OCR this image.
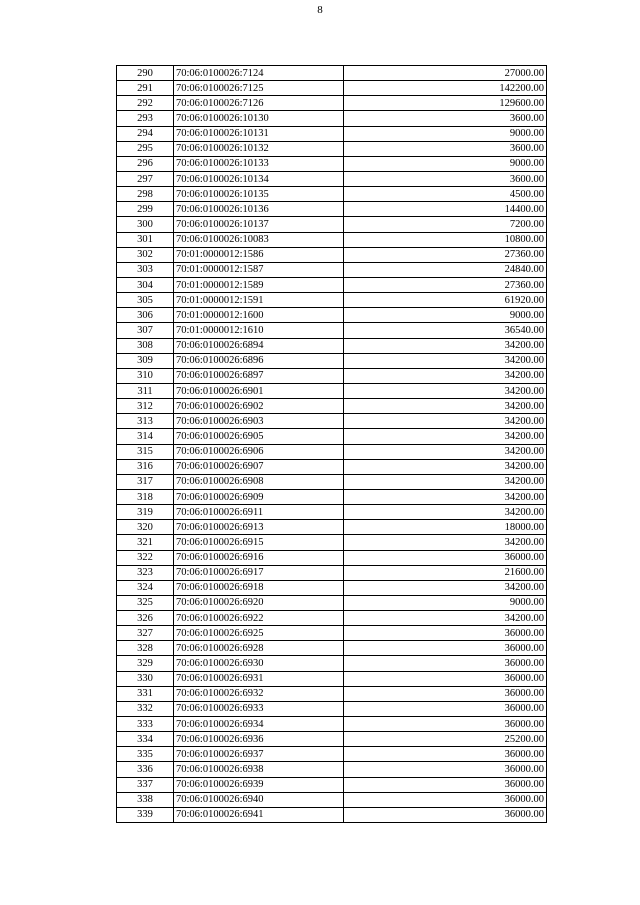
8
290	70:06:0100026:7124	27000.00
291	70:06:0100026:7125	142200.00
292	70:06:0100026:7126	129600.00
293	70:06:0100026:10130	3600.00
294	70:06:0100026:10131	9000.00
295	70:06:0100026:10132	3600.00
296	70:06:0100026:10133	9000.00
297	70:06:0100026:10134	3600.00
298	70:06:0100026:10135	4500.00
299	70:06:0100026:10136	14400.00
300	70:06:0100026:10137	7200.00
301	70:06:0100026:10083	10800.00
302	70:01:0000012:1586	27360.00
303	70:01:0000012:1587	24840.00
304	70:01:0000012:1589	27360.00
305	70:01:0000012:1591	61920.00
306	70:01:0000012:1600	9000.00
307	70:01:0000012:1610	36540.00
308	70:06:0100026:6894	34200.00
309	70:06:0100026:6896	34200.00
310	70:06:0100026:6897	34200.00
311	70:06:0100026:6901	34200.00
312	70:06:0100026:6902	34200.00
313	70:06:0100026:6903	34200.00
314	70:06:0100026:6905	34200.00
315	70:06:0100026:6906	34200.00
316	70:06:0100026:6907	34200.00
317	70:06:0100026:6908	34200.00
318	70:06:0100026:6909	34200.00
319	70:06:0100026:6911	34200.00
320	70:06:0100026:6913	18000.00
321	70:06:0100026:6915	34200.00
322	70:06:0100026:6916	36000.00
323	70:06:0100026:6917	21600.00
324	70:06:0100026:6918	34200.00
325	70:06:0100026:6920	9000.00
326	70:06:0100026:6922	34200.00
327	70:06:0100026:6925	36000.00
328	70:06:0100026:6928	36000.00
329	70:06:0100026:6930	36000.00
330	70:06:0100026:6931	36000.00
331	70:06:0100026:6932	36000.00
332	70:06:0100026:6933	36000.00
333	70:06:0100026:6934	36000.00
334	70:06:0100026:6936	25200.00
335	70:06:0100026:6937	36000.00
336	70:06:0100026:6938	36000.00
337	70:06:0100026:6939	36000.00
338	70:06:0100026:6940	36000.00
339	70:06:0100026:6941	36000.00
